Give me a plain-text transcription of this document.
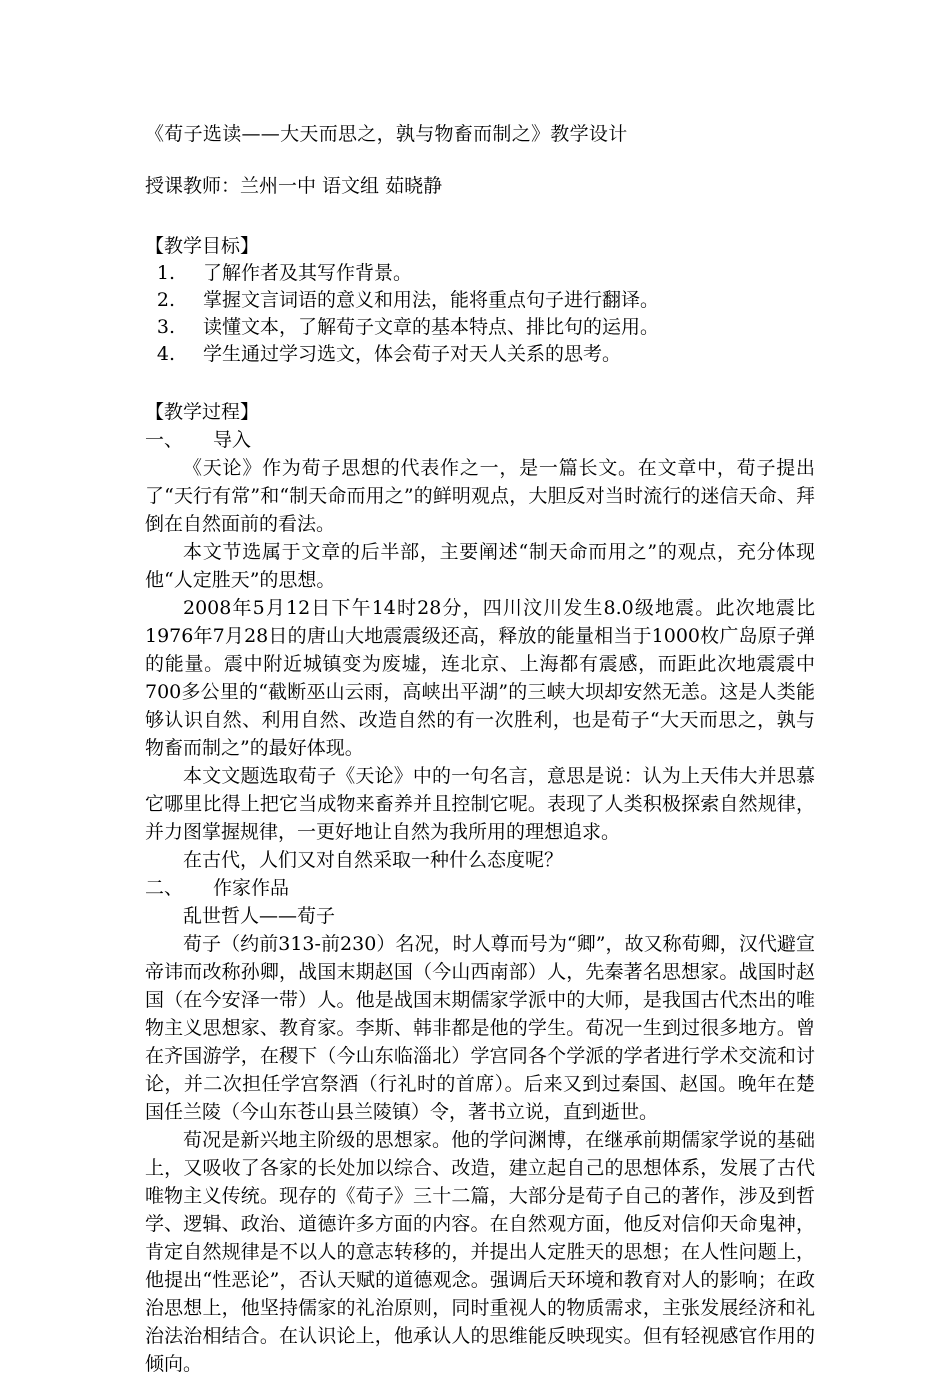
《荀子选读——大天而思之，孰与物畜而制之》教学设计

授课教师：兰州一中 语文组 茹晓静
【教学目标】
1.	了解作者及其写作背景。
2.	掌握文言词语的意义和用法，能将重点句子进行翻译。
3.	读懂文本，了解荀子文章的基本特点、排比句的运用。
4.	学生通过学习选文，体会荀子对天人关系的思考。
【教学过程】
一、	导入

《天论》作为荀子思想的代表作之一，是一篇长文。在文章中，荀子提出了“天行有常”和“制天命而用之”的鲜明观点，大胆反对当时流行的迷信天命、拜倒在自然面前的看法。

本文节选属于文章的后半部，主要阐述“制天命而用之”的观点，充分体现他“人定胜天”的思想。

2008年5月12日下午14时28分，四川汶川发生8.0级地震。此次地震比1976年7月28日的唐山大地震震级还高，释放的能量相当于1000枚广岛原子弹的能量。震中附近城镇变为废墟，连北京、上海都有震感，而距此次地震震中700多公里的“截断巫山云雨，高峡出平湖”的三峡大坝却安然无恙。这是人类能够认识自然、利用自然、改造自然的有一次胜利，也是荀子“大天而思之，孰与物畜而制之”的最好体现。

本文文题选取荀子《天论》中的一句名言，意思是说：认为上天伟大并思慕它哪里比得上把它当成物来畜养并且控制它呢。表现了人类积极探索自然规律，并力图掌握规律，一更好地让自然为我所用的理想追求。

在古代，人们又对自然采取一种什么态度呢？

二、	作家作品

乱世哲人——荀子

荀子（约前313-前230）名况，时人尊而号为“卿”，故又称荀卿，汉代避宣帝讳而改称孙卿，战国末期赵国（今山西南部）人，先秦著名思想家。战国时赵国（在今安泽一带）人。他是战国末期儒家学派中的大师，是我国古代杰出的唯物主义思想家、教育家。李斯、韩非都是他的学生。荀况一生到过很多地方。曾在齐国游学，在稷下（今山东临淄北）学宫同各个学派的学者进行学术交流和讨论，并二次担任学宫祭酒（行礼时的首席）。后来又到过秦国、赵国。晚年在楚国任兰陵（今山东苍山县兰陵镇）令，著书立说，直到逝世。

荀况是新兴地主阶级的思想家。他的学问渊博，在继承前期儒家学说的基础上，又吸收了各家的长处加以综合、改造，建立起自己的思想体系，发展了古代唯物主义传统。现存的《荀子》三十二篇，大部分是荀子自己的著作，涉及到哲学、逻辑、政治、道德许多方面的内容。在自然观方面，他反对信仰天命鬼神，肯定自然规律是不以人的意志转移的，并提出人定胜天的思想；在人性问题上，他提出“性恶论”，否认天赋的道德观念。强调后天环境和教育对人的影响；在政治思想上，他坚持儒家的礼治原则，同时重视人的物质需求，主张发展经济和礼治法治相结合。在认识论上，他承认人的思维能反映现实。但有轻视感官作用的倾向。
